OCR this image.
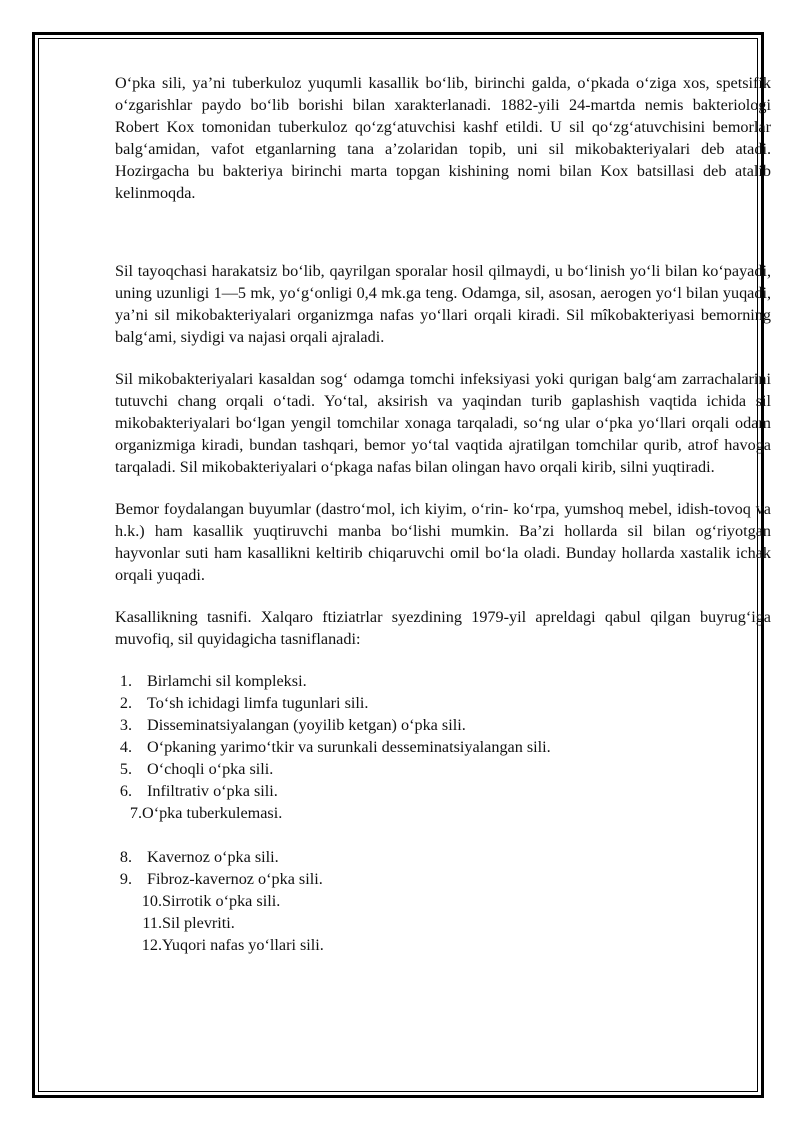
O‘pka sili, ya’ni tuberkuloz yuqumli kasallik bo‘lib, birinchi galda, o‘pkada o‘ziga xos, spetsifik o‘zgarishlar paydo bo‘lib borishi bilan xarakterlanadi. 1882-yili 24-martda nemis bakteriologi Robert Kox tomonidan tuberkuloz qo‘zg‘atuvchisi kashf etildi. U sil qo‘zg‘atuvchisini bemorlar balg‘amidan, vafot etganlarning tana a’zolaridan topib, uni sil mikobakteriyalari deb atadi. Hozirgacha bu bakteriya birinchi marta topgan kishining nomi bilan Kox batsillasi deb atalib kelinmoqda.

Sil tayoqchasi harakatsiz bo‘lib, qayrilgan sporalar hosil qilmaydi, u bo‘linish yo‘li bilan ko‘payadi, uning uzunligi 1—5 mk, yo‘g‘onligi 0,4 mk.ga teng. Odamga, sil, asosan, aerogen yo‘l bilan yuqadi, ya’ni sil mikobakteriyalari organizmga nafas yo‘llari orqali kiradi. Sil mîkobakteriyasi bemorning balg‘ami, siydigi va najasi orqali ajraladi.

Sil mikobakteriyalari kasaldan sog‘ odamga tomchi infeksiyasi yoki qurigan balg‘am zarrachalarini tutuvchi chang orqali o‘tadi. Yo‘tal, aksirish va yaqindan turib gaplashish vaqtida ichida sil mikobakteriyalari bo‘lgan yengil tomchilar xonaga tarqaladi, so‘ng ular o‘pka yo‘llari orqali odam organizmiga kiradi, bundan tashqari, bemor yo‘tal vaqtida ajratilgan tomchilar qurib, atrof havoga tarqaladi. Sil mikobakteriyalari o‘pkaga nafas bilan olingan havo orqali kirib, silni yuqtiradi.

Bemor foydalangan buyumlar (dastro‘mol, ich kiyim, o‘rin- ko‘rpa, yumshoq mebel, idish-tovoq va h.k.) ham kasallik yuqtiruvchi manba bo‘lishi mumkin. Ba’zi hollarda sil bilan og‘riyotgan hayvonlar suti ham kasallikni keltirib chiqaruvchi omil bo‘la oladi. Bunday hollarda xastalik ichak orqali yuqadi.

Kasallikning tasnifi. Xalqaro ftiziatrlar syezdining 1979-yil apreldagi qabul qilgan buyrug‘iga muvofiq, sil quyidagicha tasniflanadi:

1. Birlamchi sil kompleksi.
2. To‘sh ichidagi limfa tugunlari sili.
3. Disseminatsiyalangan (yoyilib ketgan) o‘pka sili.
4. O‘pkaning yarimo‘tkir va surunkali desseminatsiyalangan sili.
5. O‘choqli o‘pka sili.
6. Infiltrativ o‘pka sili.
7. O‘pka tuberkulemasi.
8. Kavernoz o‘pka sili.
9. Fibroz-kavernoz o‘pka sili.
10. Sirrotik o‘pka sili.
11. Sil plevriti.
12. Yuqori nafas yo‘llari sili.
